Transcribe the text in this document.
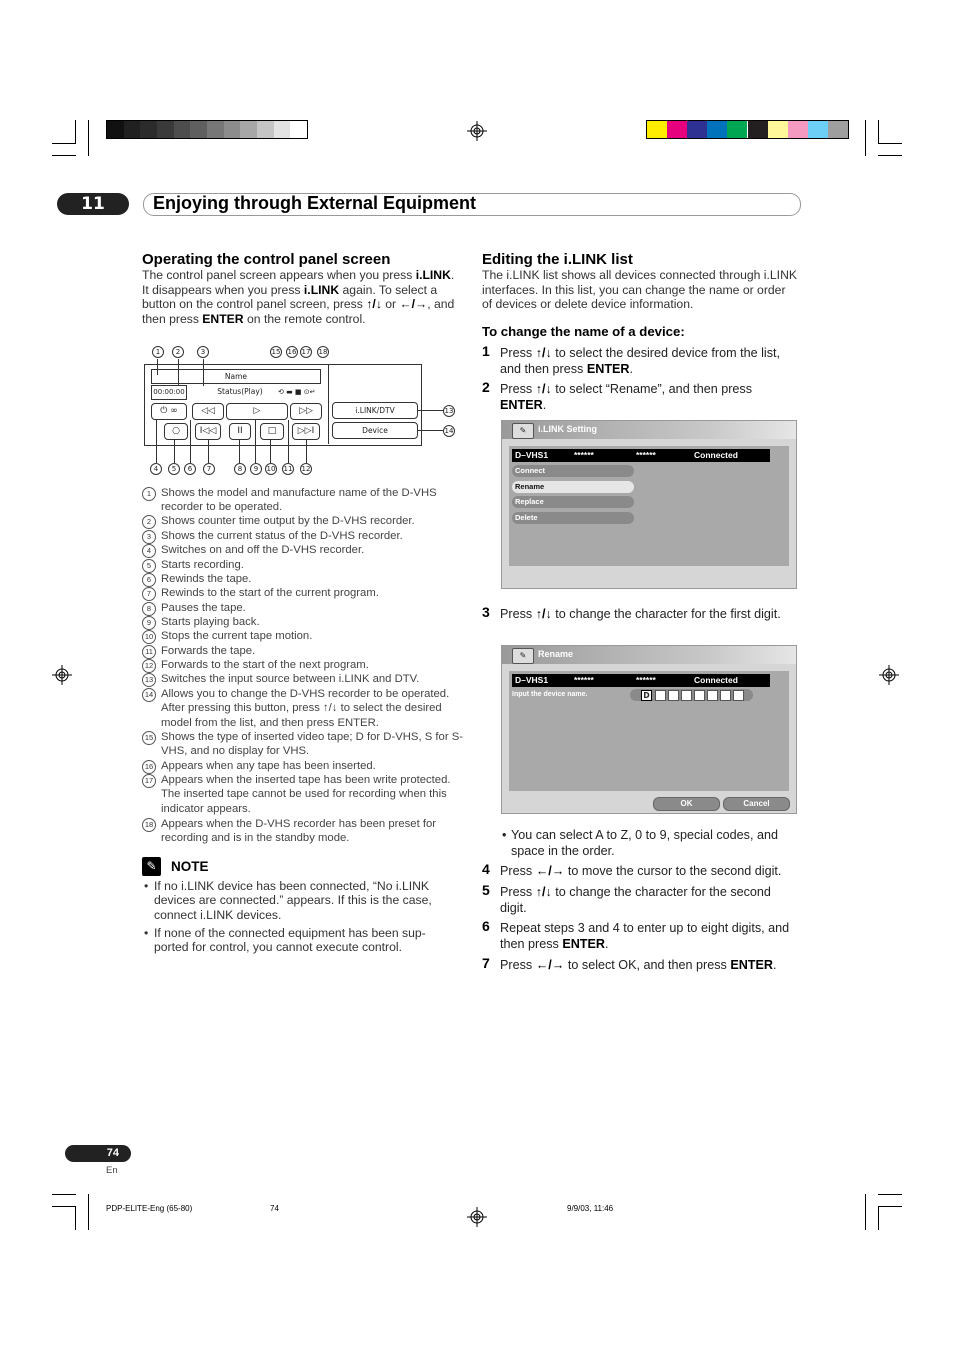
11	Enjoying through External Equipment
Operating the control panel screen
The control panel screen appears when you press i.LINK. It disappears when you press i.LINK again. To select a button on the control panel screen, press ↑/↓ or ←/→, and then press ENTER on the remote control.
Name
00:00:00	Status(Play)	⟲ ▬ ■ ⊙↵
⏻ ∞	◁◁	▷	▷▷
○	I◁◁	II	□	▷▷I
i.LINK/DTV
Device
1	2	3	15 16 17 18
4	5	6	7	8	9	10 11 12
13
14
1 Shows the model and manufacture name of the D-VHS recorder to be operated.
2 Shows counter time output by the D-VHS recorder.
3 Shows the current status of the D-VHS recorder.
4 Switches on and off the D-VHS recorder.
5 Starts recording.
6 Rewinds the tape.
7 Rewinds to the start of the current program.
8 Pauses the tape.
9 Starts playing back.
10 Stops the current tape motion.
11 Forwards the tape.
12 Forwards to the start of the next program.
13 Switches the input source between i.LINK and DTV.
14 Allows you to change the D-VHS recorder to be operated. After pressing this button, press ↑/↓ to select the desired model from the list, and then press ENTER.
15 Shows the type of inserted video tape; D for D-VHS, S for S-VHS, and no display for VHS.
16 Appears when any tape has been inserted.
17 Appears when the inserted tape has been write protected. The inserted tape cannot be used for recording when this indicator appears.
18 Appears when the D-VHS recorder has been preset for recording and is in the standby mode.
✎	NOTE
• If no i.LINK device has been connected, “No i.LINK devices are connected.” appears. If this is the case, connect i.LINK devices.
• If none of the connected equipment has been sup-ported for control, you cannot execute control.
Editing the i.LINK list
The i.LINK list shows all devices connected through i.LINK interfaces. In this list, you can change the name or order of devices or delete device information.
To change the name of a device:
1 Press ↑/↓ to select the desired device from the list, and then press ENTER.
2 Press ↑/↓ to select “Rename”, and then press ENTER.
✎	i.LINK Setting
D–VHS1	******	******	Connected
Connect
Rename
Replace
Delete
3 Press ↑/↓ to change the character for the first digit.
✎	Rename
D–VHS1	******	******	Connected
Input the device name.	D
OK	Cancel
• You can select A to Z, 0 to 9, special codes, and space in the order.
4 Press ←/→ to move the cursor to the second digit.
5 Press ↑/↓ to change the character for the second digit.
6 Repeat steps 3 and 4 to enter up to eight digits, and then press ENTER.
7 Press ←/→ to select OK, and then press ENTER.
74
En
PDP-ELITE-Eng (65-80)	74	9/9/03, 11:46
